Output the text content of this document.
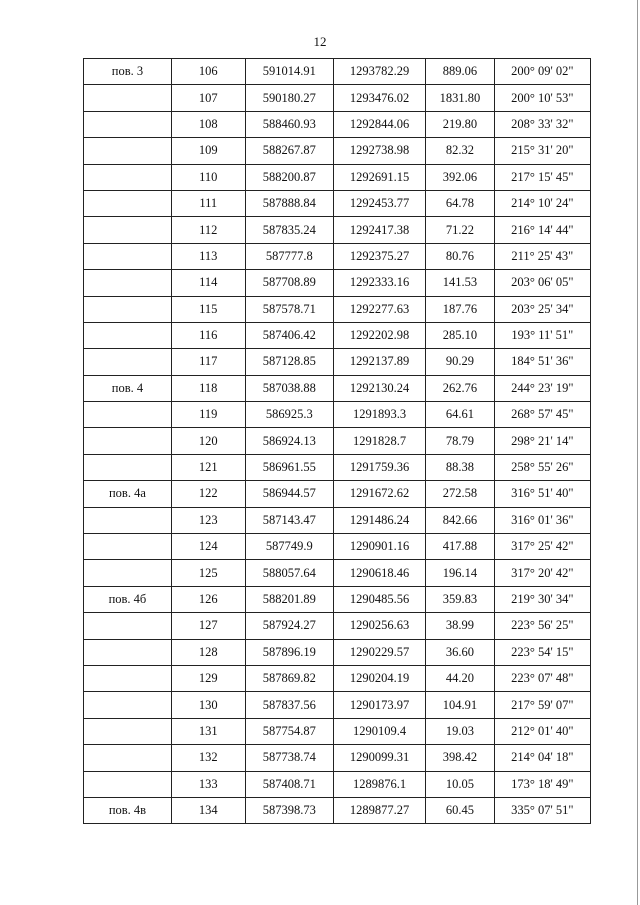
12
пов. 3	106	591014.91	1293782.29	889.06	200° 09' 02"
	107	590180.27	1293476.02	1831.80	200° 10' 53"
	108	588460.93	1292844.06	219.80	208° 33' 32"
	109	588267.87	1292738.98	82.32	215° 31' 20"
	110	588200.87	1292691.15	392.06	217° 15' 45"
	111	587888.84	1292453.77	64.78	214° 10' 24"
	112	587835.24	1292417.38	71.22	216° 14' 44"
	113	587777.8	1292375.27	80.76	211° 25' 43"
	114	587708.89	1292333.16	141.53	203° 06' 05"
	115	587578.71	1292277.63	187.76	203° 25' 34"
	116	587406.42	1292202.98	285.10	193° 11' 51"
	117	587128.85	1292137.89	90.29	184° 51' 36"
пов. 4	118	587038.88	1292130.24	262.76	244° 23' 19"
	119	586925.3	1291893.3	64.61	268° 57' 45"
	120	586924.13	1291828.7	78.79	298° 21' 14"
	121	586961.55	1291759.36	88.38	258° 55' 26"
пов. 4а	122	586944.57	1291672.62	272.58	316° 51' 40"
	123	587143.47	1291486.24	842.66	316° 01' 36"
	124	587749.9	1290901.16	417.88	317° 25' 42"
	125	588057.64	1290618.46	196.14	317° 20' 42"
пов. 4б	126	588201.89	1290485.56	359.83	219° 30' 34"
	127	587924.27	1290256.63	38.99	223° 56' 25"
	128	587896.19	1290229.57	36.60	223° 54' 15"
	129	587869.82	1290204.19	44.20	223° 07' 48"
	130	587837.56	1290173.97	104.91	217° 59' 07"
	131	587754.87	1290109.4	19.03	212° 01' 40"
	132	587738.74	1290099.31	398.42	214° 04' 18"
	133	587408.71	1289876.1	10.05	173° 18' 49"
пов. 4в	134	587398.73	1289877.27	60.45	335° 07' 51"
